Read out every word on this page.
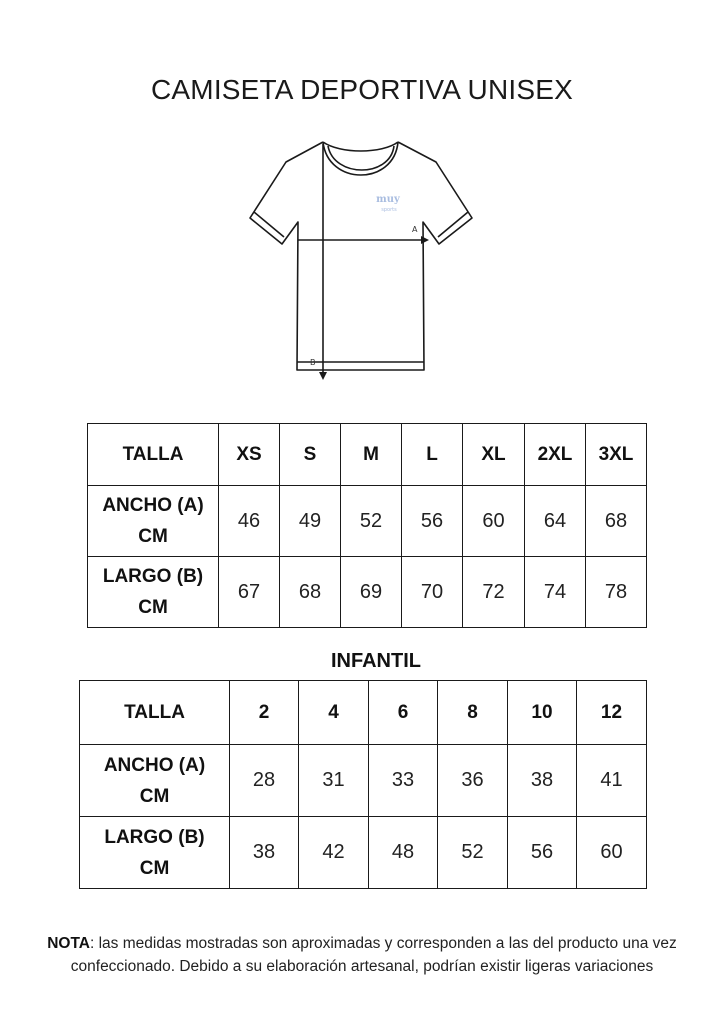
CAMISETA DEPORTIVA UNISEX
muy
sports
A
B
TALLA	XS	S	M	L	XL	2XL	3XL
ANCHO (A)
CM	46	49	52	56	60	64	68
LARGO (B)
CM	67	68	69	70	72	74	78
INFANTIL
TALLA	2	4	6	8	10	12
ANCHO (A)
CM	28	31	33	36	38	41
LARGO (B)
CM	38	42	48	52	56	60
NOTA: las medidas mostradas son aproximadas y corresponden a las del producto una vez confeccionado. Debido a su elaboración artesanal, podrían existir ligeras variaciones
